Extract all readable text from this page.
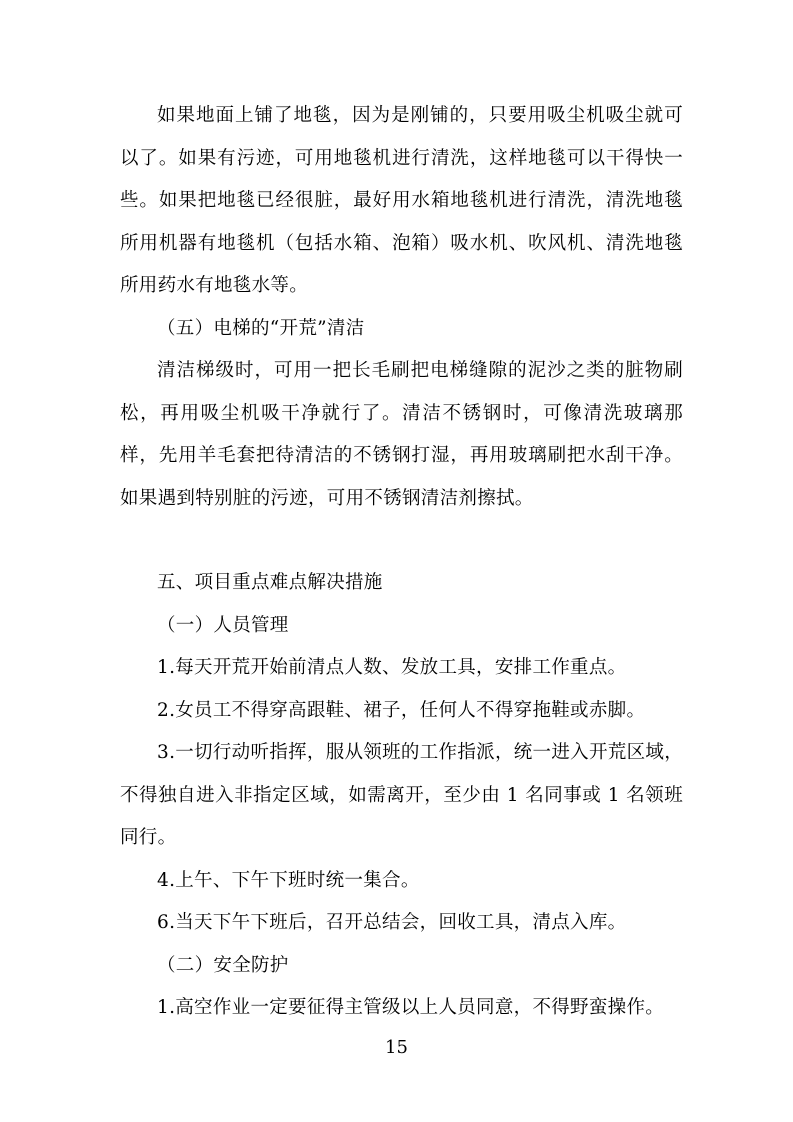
如果地面上铺了地毯，因为是刚铺的，只要用吸尘机吸尘就可以了。如果有污迹，可用地毯机进行清洗，这样地毯可以干得快一些。如果把地毯已经很脏，最好用水箱地毯机进行清洗，清洗地毯所用机器有地毯机（包括水箱、泡箱）吸水机、吹风机、清洗地毯所用药水有地毯水等。

（五）电梯的“开荒”清洁

清洁梯级时，可用一把长毛刷把电梯缝隙的泥沙之类的脏物刷松，再用吸尘机吸干净就行了。清洁不锈钢时，可像清洗玻璃那样，先用羊毛套把待清洁的不锈钢打湿，再用玻璃刷把水刮干净。如果遇到特别脏的污迹，可用不锈钢清洁剂擦拭。

五、项目重点难点解决措施

（一）人员管理

1.每天开荒开始前清点人数、发放工具，安排工作重点。

2.女员工不得穿高跟鞋、裙子，任何人不得穿拖鞋或赤脚。

3.一切行动听指挥，服从领班的工作指派，统一进入开荒区域，不得独自进入非指定区域，如需离开，至少由 1 名同事或 1 名领班同行。

4.上午、下午下班时统一集合。

6.当天下午下班后，召开总结会，回收工具，清点入库。

（二）安全防护

1.高空作业一定要征得主管级以上人员同意，不得野蛮操作。

15
